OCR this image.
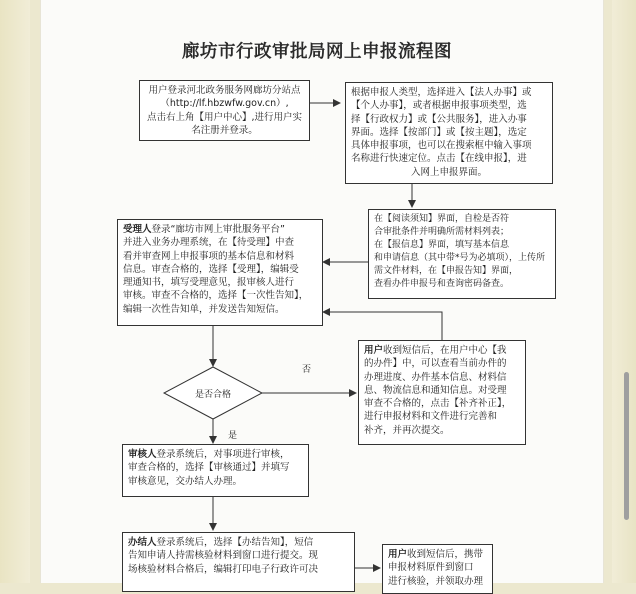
廊坊市行政审批局网上申报流程图
是否合格
否
是
用户登录河北政务服务网廊坊分站点
（http://lf.hbzwfw.gov.cn）,
点击右上角【用户中心】,进行用户实
名注册并登录。
根据申报人类型，选择进入【法人办事】或
【个人办事】，或者根据申报事项类型，选
择【行政权力】或【公共服务】，进入办事
界面。选择【按部门】或【按主题】，选定
具体申报事项，也可以在搜索框中输入事项
名称进行快速定位。点击【在线申报】，进
入网上申报界面。
在【阅读须知】界面，自检是否符
合审批条件并明确所需材料列表；
在【报信息】界面，填写基本信息
和申请信息（其中带*号为必填项），上传所
需文件材料，在【申报告知】界面，
查看办件申报号和查询密码备查。
受理人登录“廊坊市网上审批服务平台”
并进入业务办理系统，在【待受理】中查
看并审查网上申报事项的基本信息和材料
信息。审查合格的，选择【受理】，编辑受
理通知书，填写受理意见，报审核人进行
审核。审查不合格的，选择【一次性告知】，
编辑一次性告知单，并发送告知短信。
用户收到短信后，在用户中心【我
的办件】中，可以查看当前办件的
办理进度、办件基本信息、材料信
息、物流信息和通知信息。对受理
审查不合格的，点击【补齐补正】，
进行申报材料和文件进行完善和
补齐，并再次提交。
审核人登录系统后，对事项进行审核，
审查合格的，选择【审核通过】并填写
审核意见，交办结人办理。
办结人登录系统后，选择【办结告知】，短信
告知申请人持需核验材料到窗口进行提交。现
场核验材料合格后，编辑打印电子行政许可决
用户收到短信后，携带
申报材料原件到窗口
进行核验，并领取办理
